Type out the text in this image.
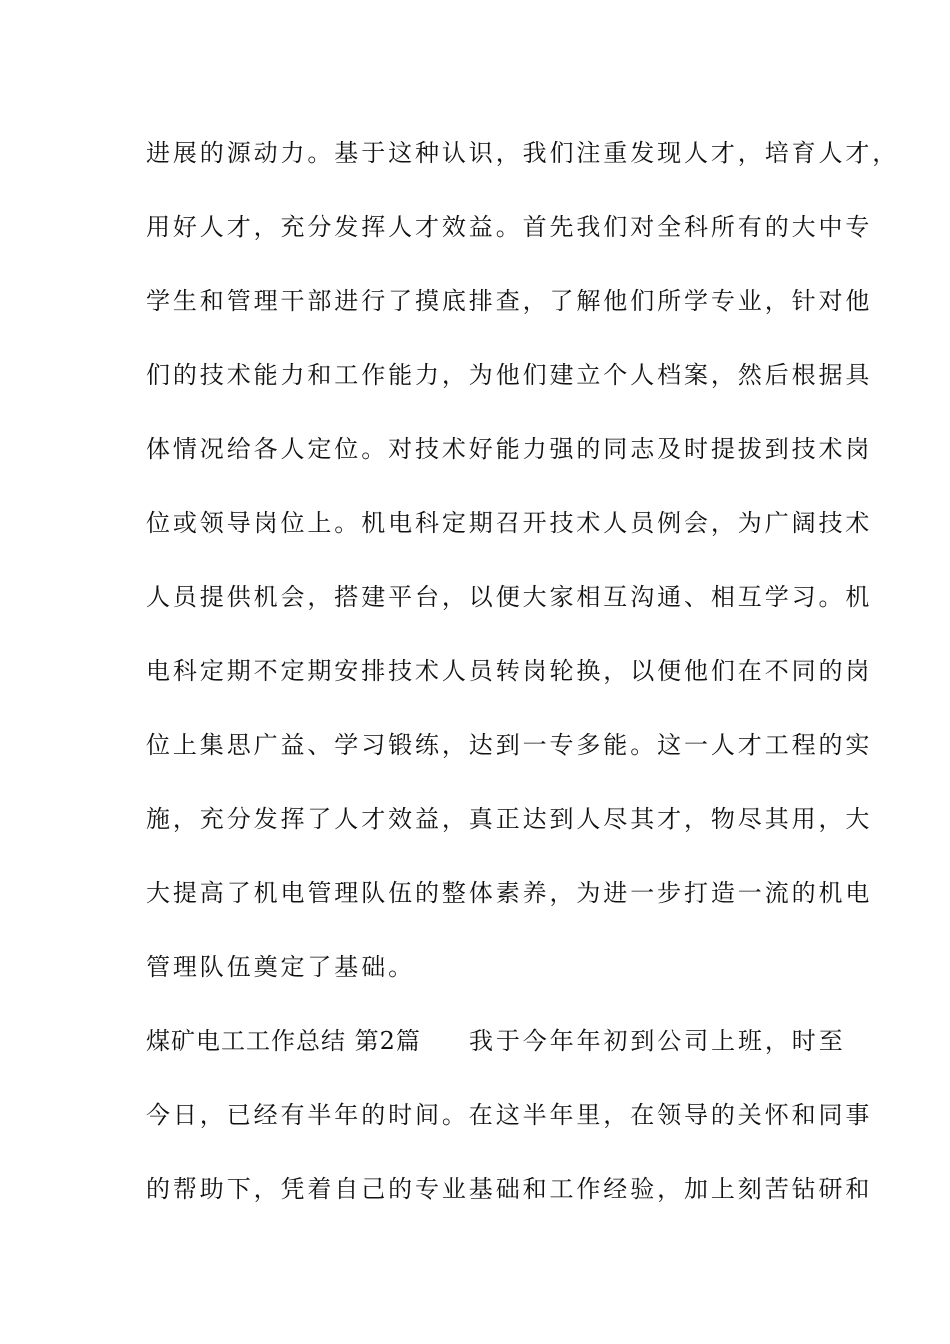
进展的源动力。基于这种认识，我们注重发现人才，培育人才，
用好人才，充分发挥人才效益。首先我们对全科所有的大中专
学生和管理干部进行了摸底排查，了解他们所学专业，针对他
们的技术能力和工作能力，为他们建立个人档案，然后根据具
体情况给各人定位。对技术好能力强的同志及时提拔到技术岗
位或领导岗位上。机电科定期召开技术人员例会，为广阔技术
人员提供机会，搭建平台，以便大家相互沟通、相互学习。机
电科定期不定期安排技术人员转岗轮换，以便他们在不同的岗
位上集思广益、学习锻练，达到一专多能。这一人才工程的实
施，充分发挥了人才效益，真正达到人尽其才，物尽其用，大
大提高了机电管理队伍的整体素养，为进一步打造一流的机电
管理队伍奠定了基础。
煤矿电工工作总结 第2篇 我于今年年初到公司上班，时至
今日，已经有半年的时间。在这半年里，在领导的关怀和同事
的帮助下，凭着自己的专业基础和工作经验，加上刻苦钻研和
